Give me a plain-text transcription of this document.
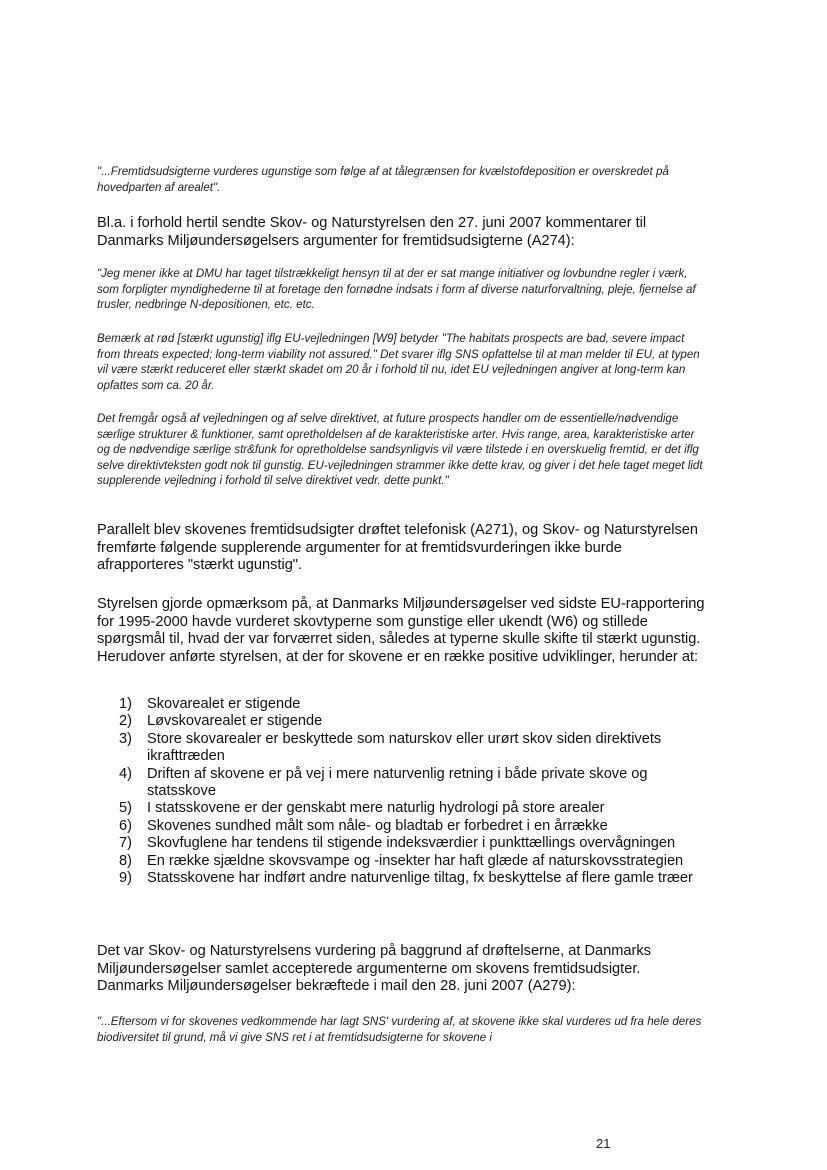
"...Fremtidsudsigterne vurderes ugunstige som følge af at tålegrænsen for kvælstofdeposition er overskredet på hovedparten af arealet".

Bl.a. i forhold hertil sendte Skov- og Naturstyrelsen den 27. juni 2007 kommentarer til Danmarks Miljøundersøgelsers argumenter for fremtidsudsigterne (A274):

"Jeg mener ikke at DMU har taget tilstrækkeligt hensyn til at der er sat mange initiativer og lovbundne regler i værk, som forpligter myndighederne til at foretage den fornødne indsats i form af diverse naturforvaltning, pleje, fjernelse af trusler, nedbringe N-depositionen, etc. etc.

Bemærk at rød [stærkt ugunstig] iflg EU-vejledningen [W9] betyder "The habitats prospects are bad, severe impact from threats expected; long-term viability not assured." Det svarer iflg SNS opfattelse til at man melder til EU, at typen vil være stærkt reduceret eller stærkt skadet om 20 år i forhold til nu, idet EU vejledningen angiver at long-term kan opfattes som ca. 20 år.

Det fremgår også af vejledningen og af selve direktivet, at future prospects handler om de essentielle/nødvendige særlige strukturer & funktioner, samt opretholdelsen af de karakteristiske arter. Hvis range, area, karakteristiske arter og de nødvendige særlige str&funk for opretholdelse sandsynligvis vil være tilstede i en overskuelig fremtid, er det iflg selve direktivteksten godt nok til gunstig. EU-vejledningen strammer ikke dette krav, og giver i det hele taget meget lidt supplerende vejledning i forhold til selve direktivet vedr. dette punkt."

Parallelt blev skovenes fremtidsudsigter drøftet telefonisk (A271), og Skov- og Naturstyrelsen fremførte følgende supplerende argumenter for at fremtidsvurderingen ikke burde afrapporteres "stærkt ugunstig".

Styrelsen gjorde opmærksom på, at Danmarks Miljøundersøgelser ved sidste EU-rapportering for 1995-2000 havde vurderet skovtyperne som gunstige eller ukendt (W6) og stillede spørgsmål til, hvad der var forværret siden, således at typerne skulle skifte til stærkt ugunstig. Herudover anførte styrelsen, at der for skovene er en række positive udviklinger, herunder at:

1) Skovarealet er stigende
2) Løvskovarealet er stigende
3) Store skovarealer er beskyttede som naturskov eller urørt skov siden direktivets ikrafttræden
4) Driften af skovene er på vej i mere naturvenlig retning i både private skove og statsskove
5) I statsskovene er der genskabt mere naturlig hydrologi på store arealer
6) Skovenes sundhed målt som nåle- og bladtab er forbedret i en årrække
7) Skovfuglene har tendens til stigende indeksværdier i punkttællings overvågningen
8) En række sjældne skovsvampe og -insekter har haft glæde af naturskovsstrategien
9) Statsskovene har indført andre naturvenlige tiltag, fx beskyttelse af flere gamle træer

Det var Skov- og Naturstyrelsens vurdering på baggrund af drøftelserne, at Danmarks Miljøundersøgelser samlet accepterede argumenterne om skovens fremtidsudsigter. Danmarks Miljøundersøgelser bekræftede i mail den 28. juni 2007 (A279):

"...Eftersom vi for skovenes vedkommende har lagt SNS' vurdering af, at skovene ikke skal vurderes ud fra hele deres biodiversitet til grund, må vi give SNS ret i at fremtidsudsigterne for skovene i

21
